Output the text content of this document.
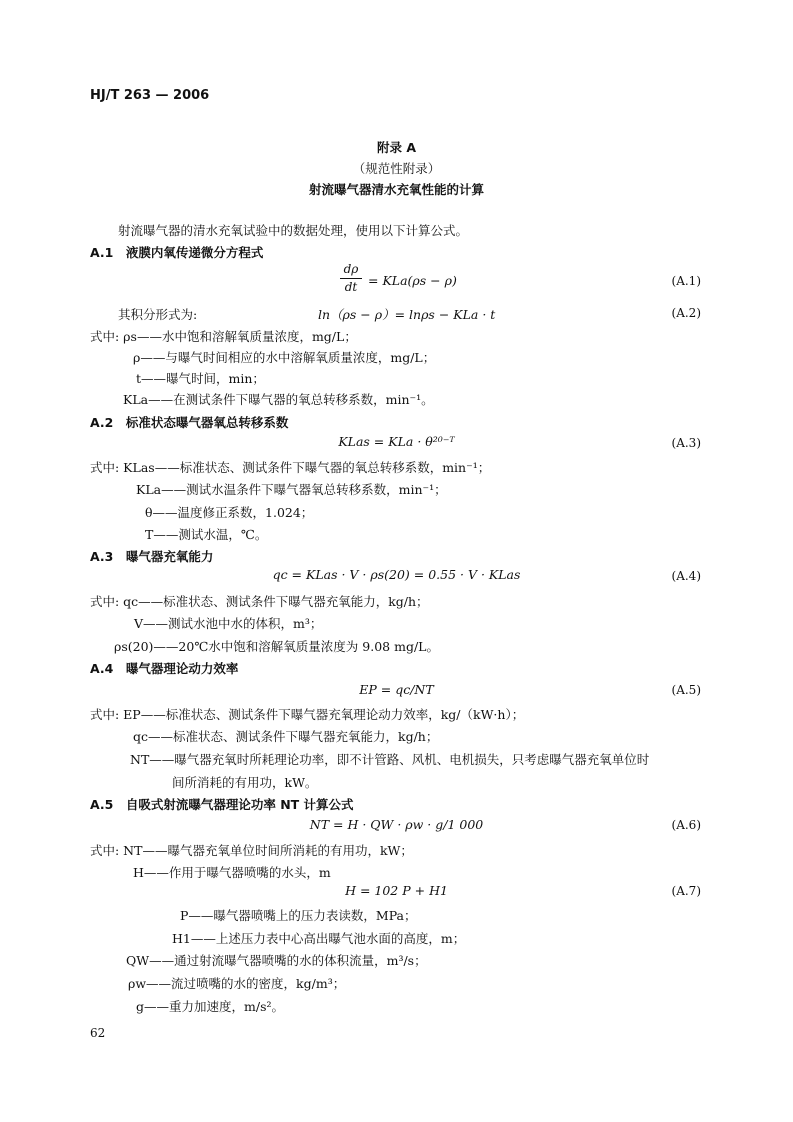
HJ/T 263 — 2006
附录 A
（规范性附录）
射流曝气器清水充氧性能的计算
射流曝气器的清水充氧试验中的数据处理，使用以下计算公式。
A.1　液膜内氧传递微分方程式
dρ
dt = KLa(ρs − ρ)	(A.1)
其积分形式为:	ln（ρs − ρ）= lnρs − KLa · t	(A.2)
式中: ρs——水中饱和溶解氧质量浓度，mg/L；
ρ——与曝气时间相应的水中溶解氧质量浓度，mg/L；
t——曝气时间，min；
KLa——在测试条件下曝气器的氧总转移系数，min⁻¹。
A.2　标准状态曝气器氧总转移系数
KLas = KLa · θ²⁰⁻ᵀ	(A.3)
式中: KLas——标准状态、测试条件下曝气器的氧总转移系数，min⁻¹；
KLa——测试水温条件下曝气器氧总转移系数，min⁻¹；
θ——温度修正系数，1.024；
T——测试水温，℃。
A.3　曝气器充氧能力
qc = KLas · V · ρs(20) = 0.55 · V · KLas	(A.4)
式中: qc——标准状态、测试条件下曝气器充氧能力，kg/h；
V——测试水池中水的体积，m³；
ρs(20)——20℃水中饱和溶解氧质量浓度为 9.08 mg/L。
A.4　曝气器理论动力效率
EP = qc/NT	(A.5)
式中: EP——标准状态、测试条件下曝气器充氧理论动力效率，kg/（kW·h）；
qc——标准状态、测试条件下曝气器充氧能力，kg/h；
NT——曝气器充氧时所耗理论功率，即不计管路、风机、电机损失，只考虑曝气器充氧单位时
间所消耗的有用功，kW。
A.5　自吸式射流曝气器理论功率 NT 计算公式
NT = H · QW · ρw · g/1 000	(A.6)
式中: NT——曝气器充氧单位时间所消耗的有用功，kW；
H——作用于曝气器喷嘴的水头，m
H = 102 P + H1	(A.7)
P——曝气器喷嘴上的压力表读数，MPa；
H1——上述压力表中心高出曝气池水面的高度，m；
QW——通过射流曝气器喷嘴的水的体积流量，m³/s；
ρw——流过喷嘴的水的密度，kg/m³；
g——重力加速度，m/s²。
62
